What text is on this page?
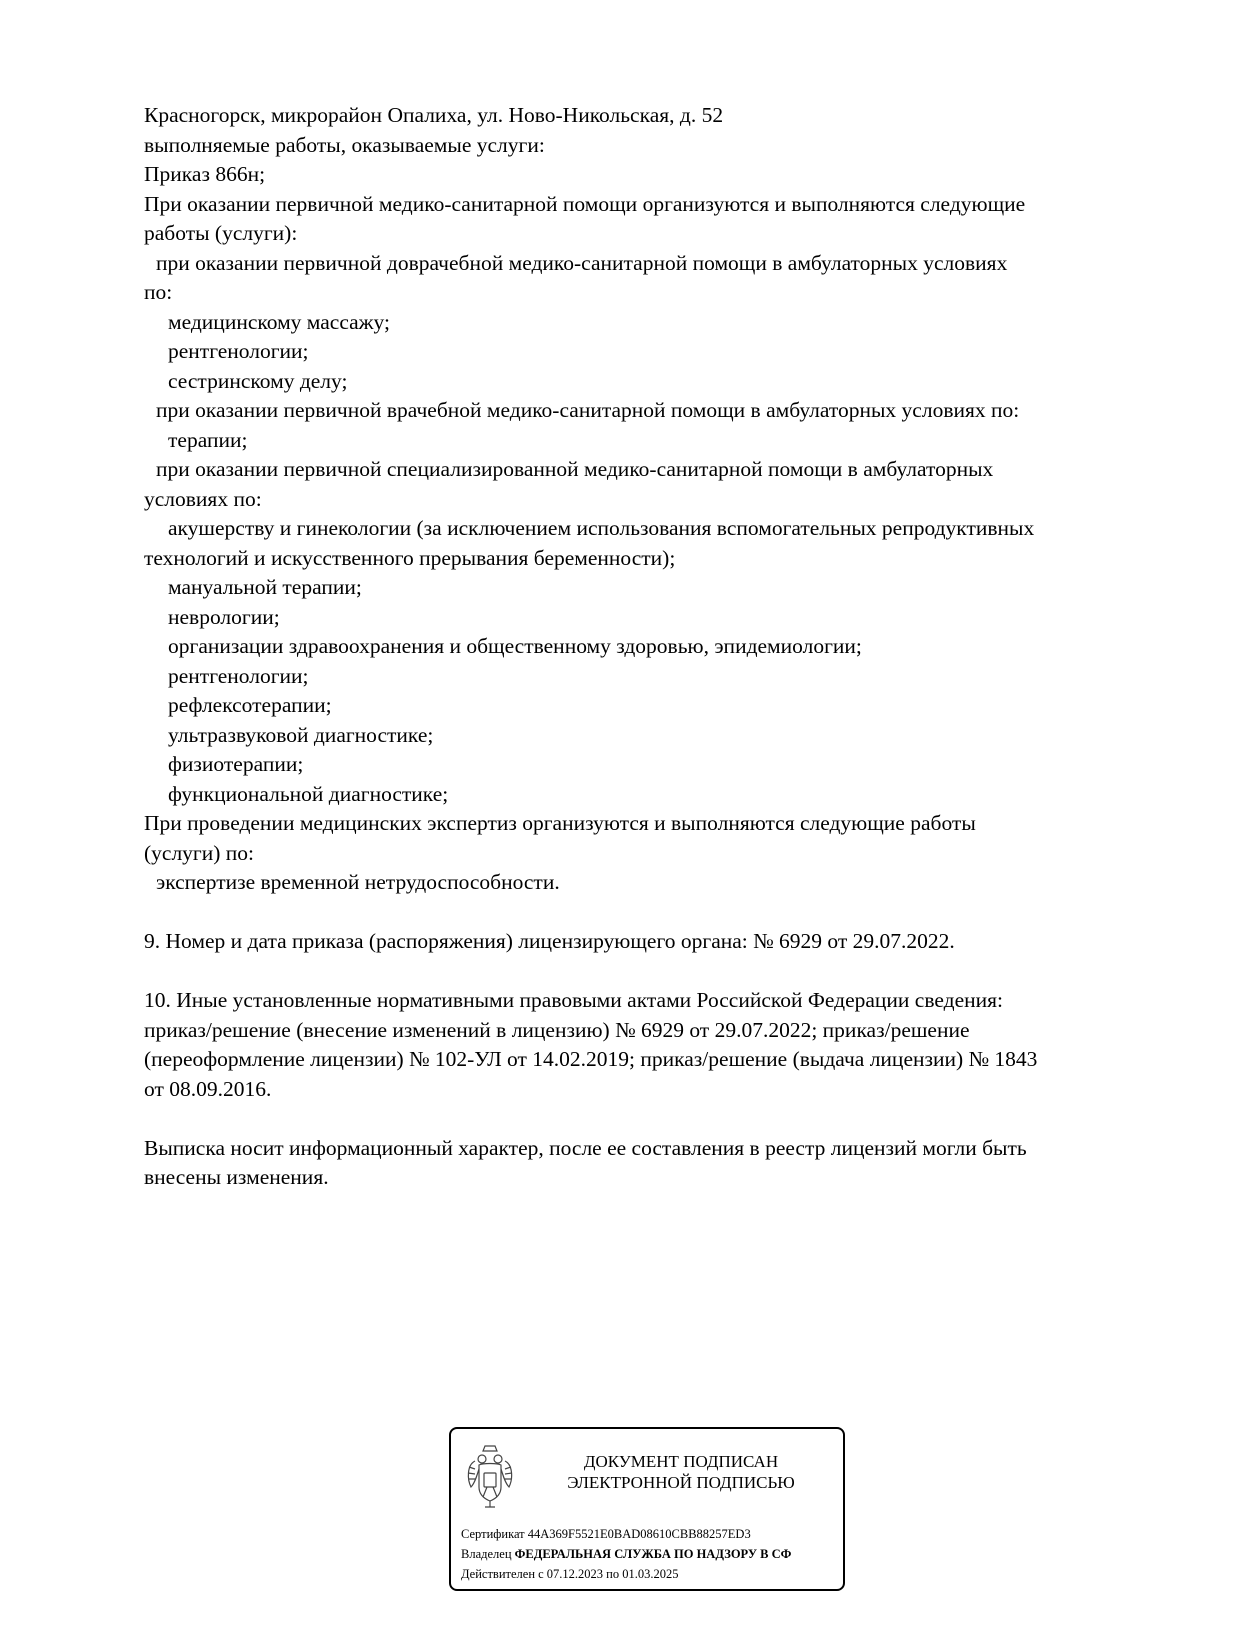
Красногорск, микрорайон Опалиха, ул. Ново-Никольская, д. 52

выполняемые работы, оказываемые услуги:

Приказ 866н;

При оказании первичной медико-санитарной помощи организуются и выполняются следующие

работы (услуги):

при оказании первичной доврачебной медико-санитарной помощи в амбулаторных условиях

по:

медицинскому массажу;

рентгенологии;

сестринскому делу;

при оказании первичной врачебной медико-санитарной помощи в амбулаторных условиях по:

терапии;

при оказании первичной специализированной медико-санитарной помощи в амбулаторных

условиях по:

акушерству и гинекологии (за исключением использования вспомогательных репродуктивных

технологий и искусственного прерывания беременности);

мануальной терапии;

неврологии;

организации здравоохранения и общественному здоровью, эпидемиологии;

рентгенологии;

рефлексотерапии;

ультразвуковой диагностике;

физиотерапии;

функциональной диагностике;

При проведении медицинских экспертиз организуются и выполняются следующие работы

(услуги) по:

экспертизе временной нетрудоспособности.

9. Номер и дата приказа (распоряжения) лицензирующего органа: № 6929 от 29.07.2022.

10. Иные установленные нормативными правовыми актами Российской Федерации сведения:

приказ/решение (внесение изменений в лицензию) № 6929 от 29.07.2022; приказ/решение

(переоформление лицензии) № 102-УЛ от 14.02.2019; приказ/решение (выдача лицензии) № 1843

от 08.09.2016.

Выписка носит информационный характер, после ее составления в реестр лицензий могли быть

внесены изменения.

ДОКУМЕНТ ПОДПИСАН
ЭЛЕКТРОННОЙ ПОДПИСЬЮ
Сертификат 44A369F5521E0BAD08610CBB88257ED3
Владелец ФЕДЕРАЛЬНАЯ СЛУЖБА ПО НАДЗОРУ В СФ
Действителен с 07.12.2023 по 01.03.2025
